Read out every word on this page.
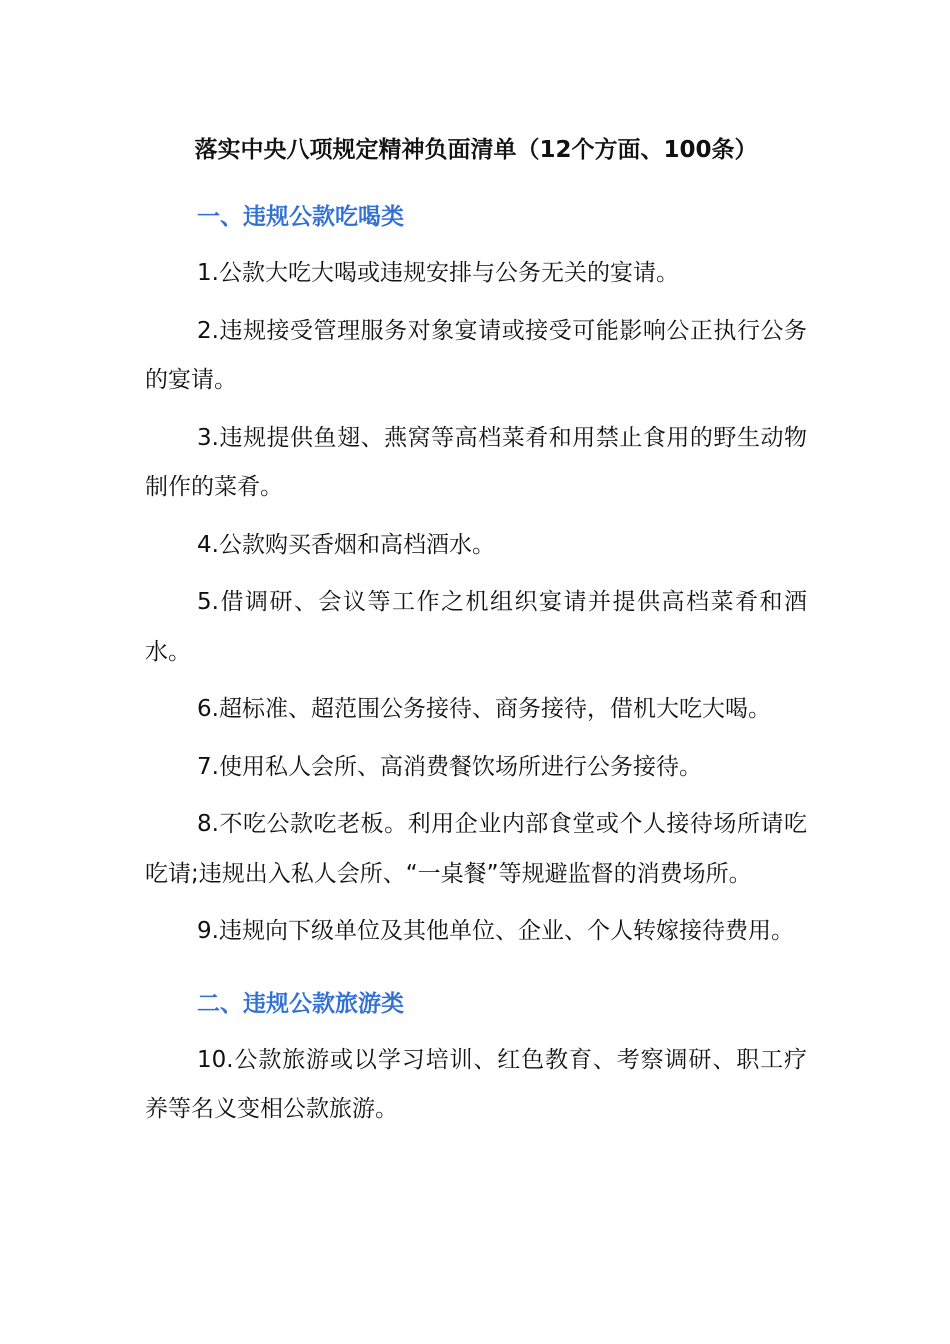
落实中央八项规定精神负面清单（12个方面、100条）
一、违规公款吃喝类

1.公款大吃大喝或违规安排与公务无关的宴请。

2.违规接受管理服务对象宴请或接受可能影响公正执行公务的宴请。

3.违规提供鱼翅、燕窝等高档菜肴和用禁止食用的野生动物制作的菜肴。

4.公款购买香烟和高档酒水。

5.借调研、会议等工作之机组织宴请并提供高档菜肴和酒水。

6.超标准、超范围公务接待、商务接待，借机大吃大喝。

7.使用私人会所、高消费餐饮场所进行公务接待。

8.不吃公款吃老板。利用企业内部食堂或个人接待场所请吃吃请;违规出入私人会所、“一桌餐”等规避监督的消费场所。

9.违规向下级单位及其他单位、企业、个人转嫁接待费用。

二、违规公款旅游类

10.公款旅游或以学习培训、红色教育、考察调研、职工疗养等名义变相公款旅游。
